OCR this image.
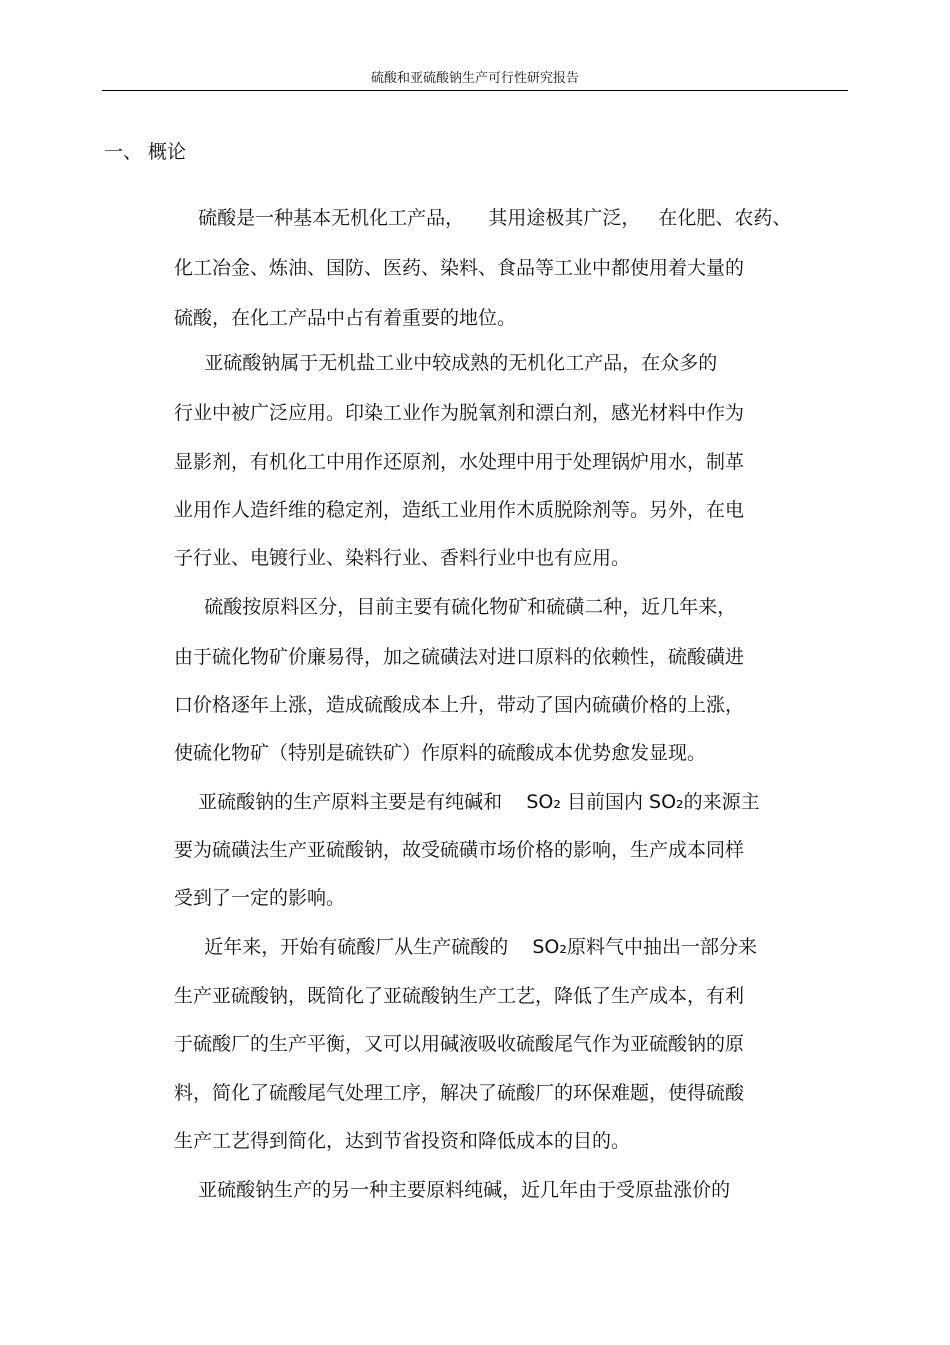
硫酸和亚硫酸钠生产可行性研究报告
一、 概论
硫酸是一种基本无机化工产品，    其用途极其广泛，   在化肥、农药、
化工冶金、炼油、国防、医药、染料、食品等工业中都使用着大量的
硫酸，在化工产品中占有着重要的地位。
亚硫酸钠属于无机盐工业中较成熟的无机化工产品，在众多的
行业中被广泛应用。印染工业作为脱氧剂和漂白剂，感光材料中作为
显影剂，有机化工中用作还原剂，水处理中用于处理锅炉用水，制革
业用作人造纤维的稳定剂，造纸工业用作木质脱除剂等。另外，在电
子行业、电镀行业、染料行业、香料行业中也有应用。
硫酸按原料区分，目前主要有硫化物矿和硫磺二种，近几年来，
由于硫化物矿价廉易得，加之硫磺法对进口原料的依赖性，硫酸磺进
口价格逐年上涨，造成硫酸成本上升，带动了国内硫磺价格的上涨，
使硫化物矿（特别是硫铁矿）作原料的硫酸成本优势愈发显现。
亚硫酸钠的生产原料主要是有纯碱和    SO₂ 目前国内 SO₂的来源主
要为硫磺法生产亚硫酸钠，故受硫磺市场价格的影响，生产成本同样
受到了一定的影响。
近年来，开始有硫酸厂从生产硫酸的    SO₂原料气中抽出一部分来
生产亚硫酸钠，既简化了亚硫酸钠生产工艺，降低了生产成本，有利
于硫酸厂的生产平衡，又可以用碱液吸收硫酸尾气作为亚硫酸钠的原
料，简化了硫酸尾气处理工序，解决了硫酸厂的环保难题，使得硫酸
生产工艺得到简化，达到节省投资和降低成本的目的。
亚硫酸钠生产的另一种主要原料纯碱，近几年由于受原盐涨价的
